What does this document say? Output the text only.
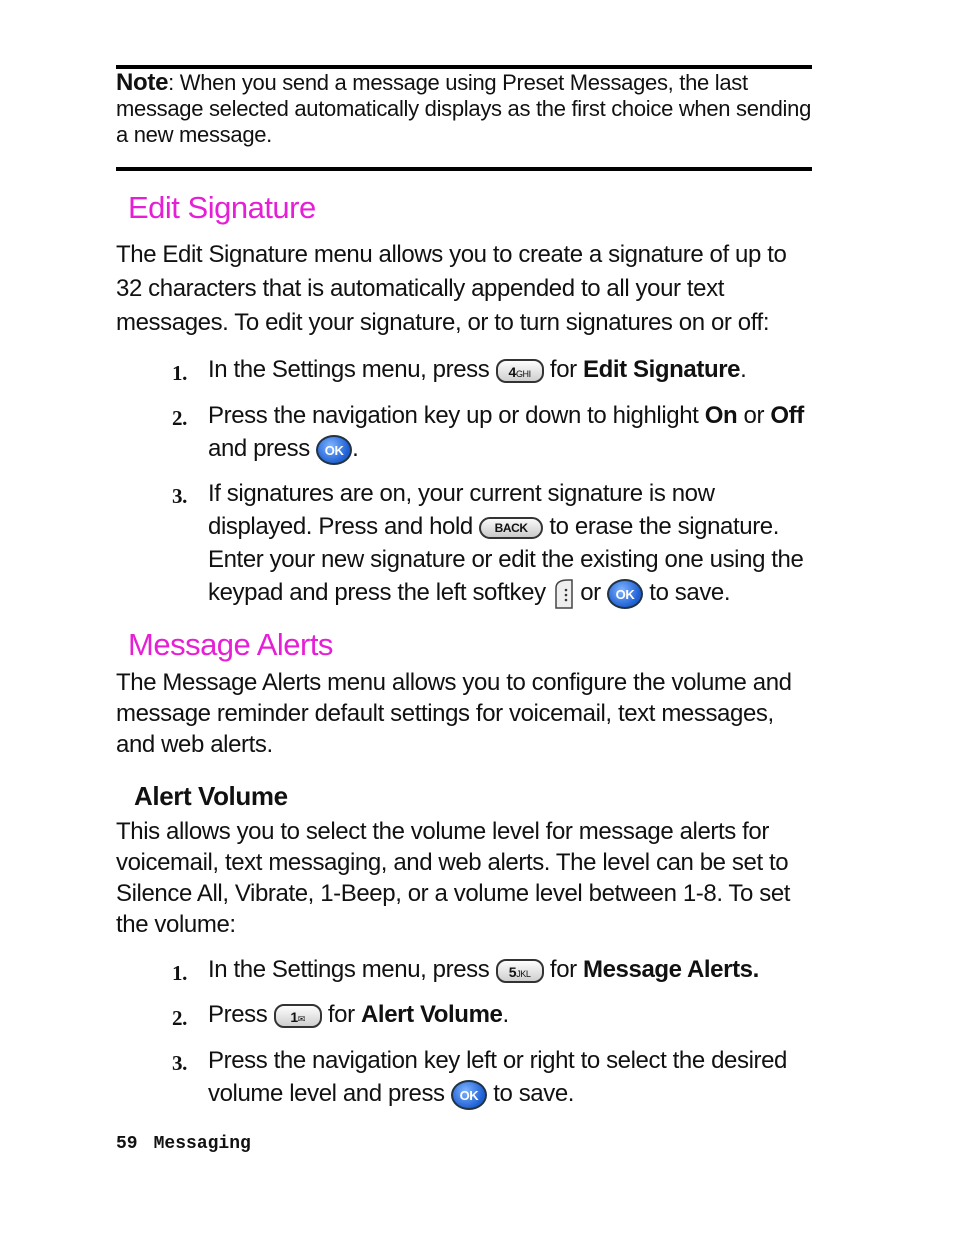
Note: When you send a message using Preset Messages, the last message selected automatically displays as the first choice when sending a new message.
Edit Signature
The Edit Signature menu allows you to create a signature of up to 32 characters that is automatically appended to all your text messages. To edit your signature, or to turn signatures on or off:
1. In the Settings menu, press 4GHI for Edit Signature.
2. Press the navigation key up or down to highlight On or Off
and press OK .
3. If signatures are on, your current signature is now displayed. Press and hold BACK to erase the signature. Enter your new signature or edit the existing one using the keypad and press the left softkey  or OK to save.
Message Alerts
The Message Alerts menu allows you to configure the volume and message reminder default settings for voicemail, text messages, and web alerts.
Alert Volume
This allows you to select the volume level for message alerts for voicemail, text messaging, and web alerts. The level can be set to Silence All, Vibrate, 1-Beep, or a volume level between 1-8. To set the volume:
1. In the Settings menu, press 5JKL for Message Alerts.
2. Press 1✉ for Alert Volume.
3. Press the navigation key left or right to select the desired volume level and press OK to save.
59 Messaging
